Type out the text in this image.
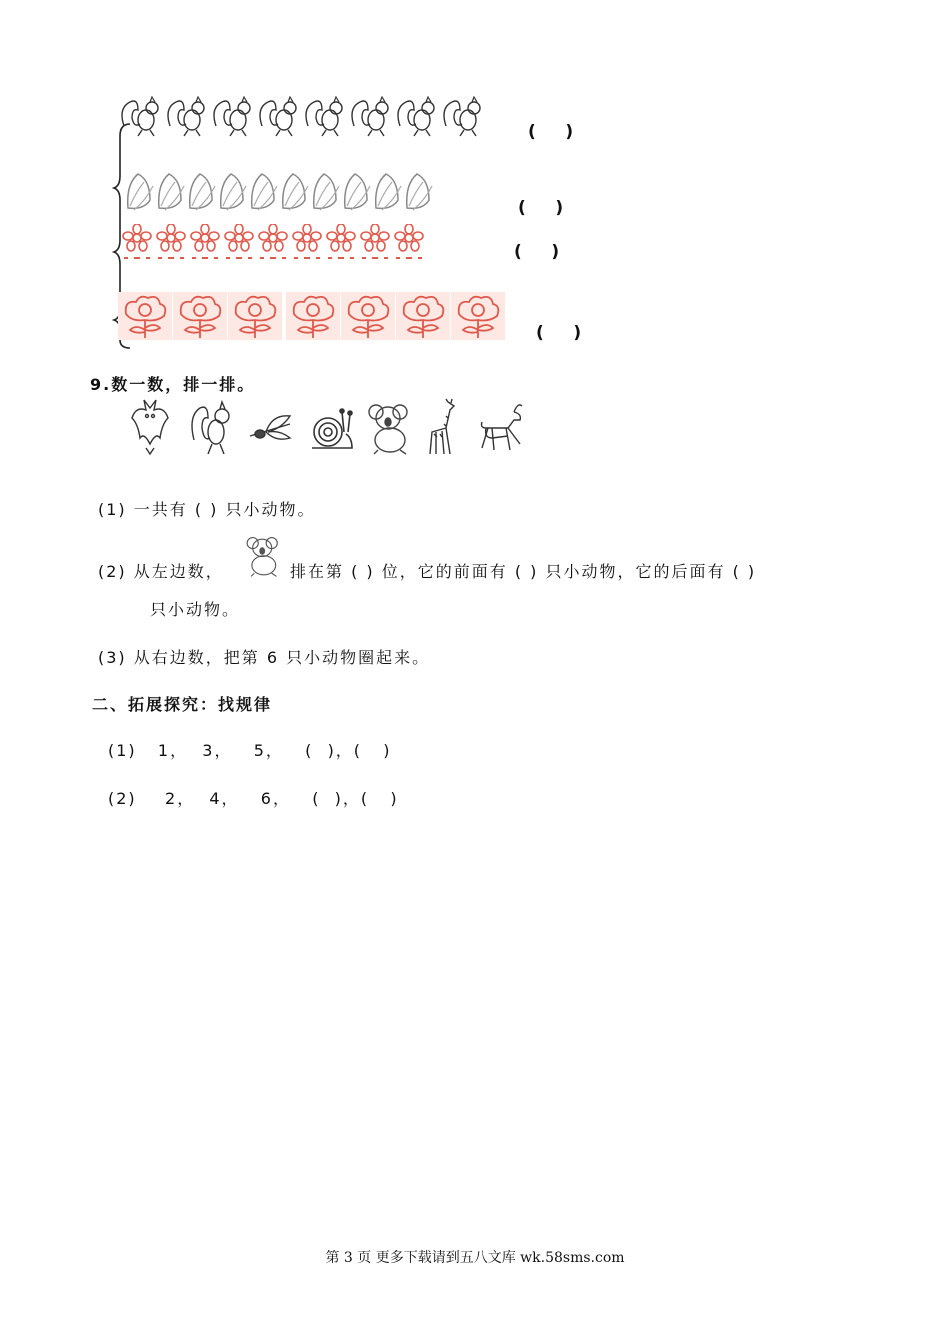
(     )
(     )
(     )
(     )
9.数一数，排一排。
(1) 一共有 ( ) 只小动物。
(2) 从左边数，	排在第 ( ) 位，它的前面有 ( ) 只小动物，它的后面有 ( )
只小动物。
(3) 从右边数，把第 6 只小动物圈起来。
二、拓展探究：找规律
(1)   1，  3，   5，   (  )，(   )
(2)    2，  4，   6，   (  )，(   )
第 3 页 更多下载请到五八文库 wk.58sms.com
